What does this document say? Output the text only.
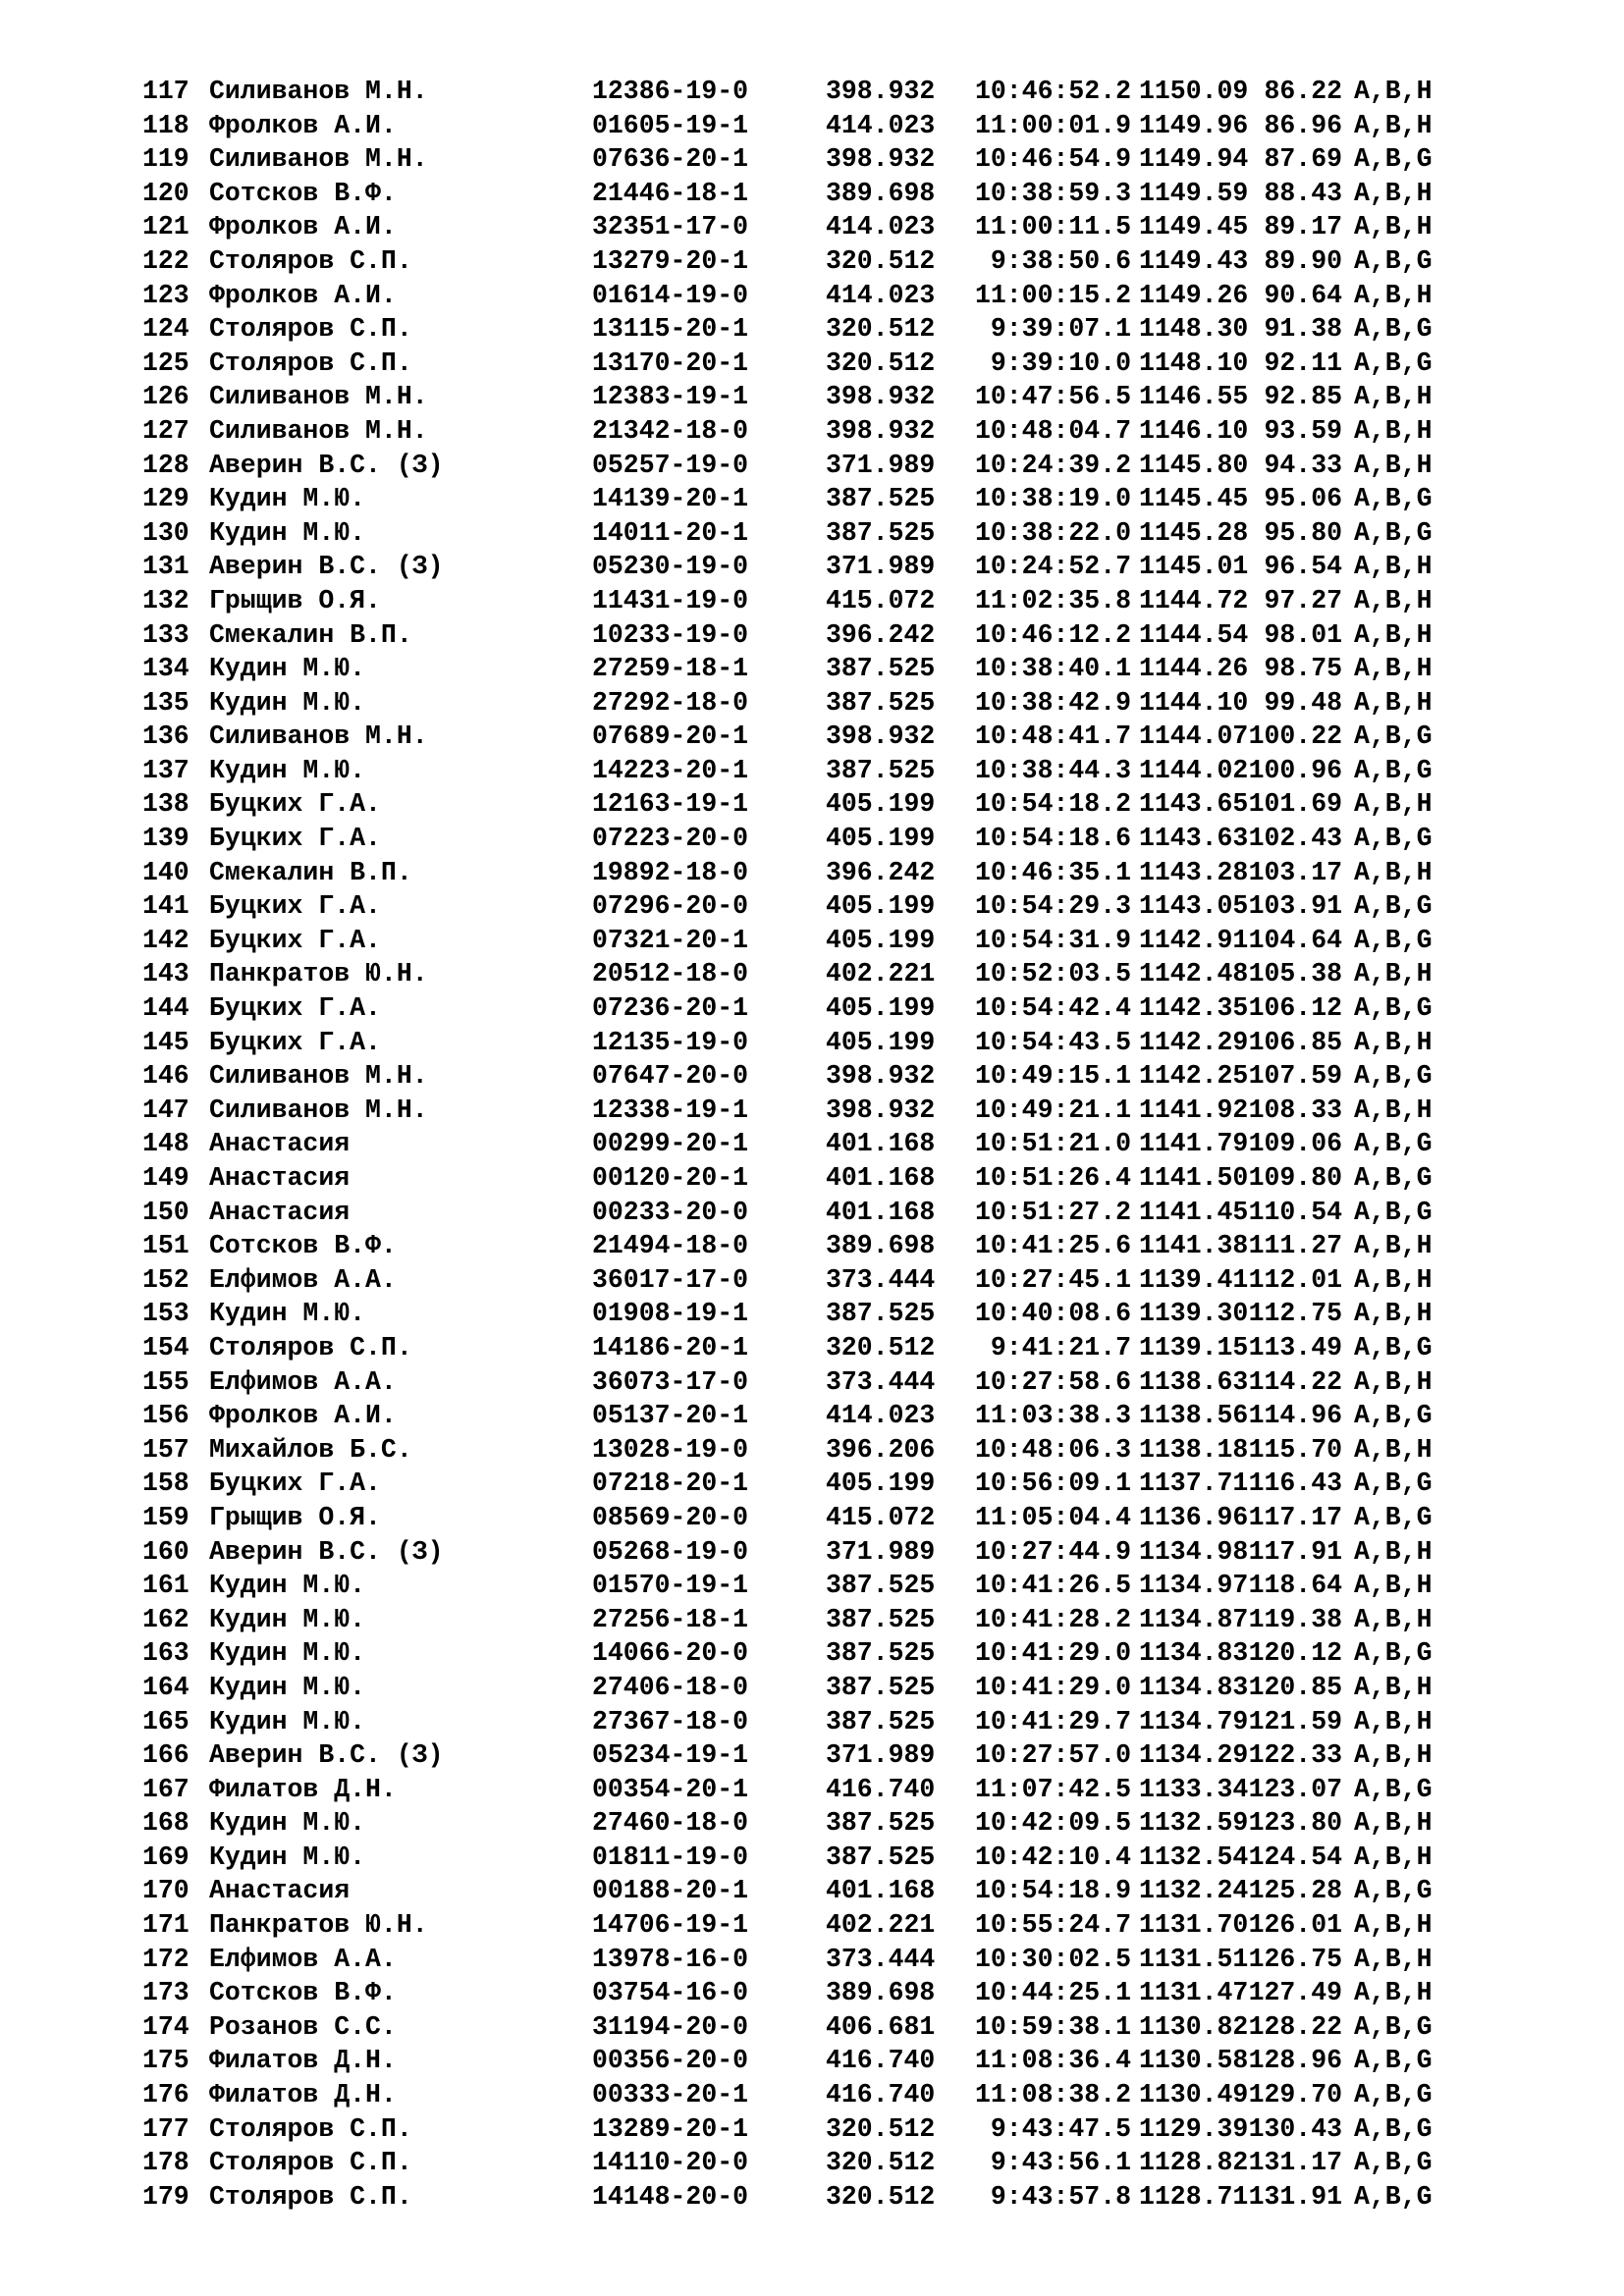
117 Силиванов М.Н.	12386-19-0	398.932	10:46:52.2 1150.09 86.22 A,B,H
118 Фролков А.И.	01605-19-1	414.023	11:00:01.9 1149.96 86.96 A,B,H
119 Силиванов М.Н.	07636-20-1	398.932	10:46:54.9 1149.94 87.69 A,B,G
120 Сотсков В.Ф.	21446-18-1	389.698	10:38:59.3 1149.59 88.43 A,B,H
121 Фролков А.И.	32351-17-0	414.023	11:00:11.5 1149.45 89.17 A,B,H
122 Столяров С.П.	13279-20-1	320.512	9:38:50.6 1149.43 89.90 A,B,G
123 Фролков А.И.	01614-19-0	414.023	11:00:15.2 1149.26 90.64 A,B,H
124 Столяров С.П.	13115-20-1	320.512	9:39:07.1 1148.30 91.38 A,B,G
125 Столяров С.П.	13170-20-1	320.512	9:39:10.0 1148.10 92.11 A,B,G
126 Силиванов М.Н.	12383-19-1	398.932	10:47:56.5 1146.55 92.85 A,B,H
127 Силиванов М.Н.	21342-18-0	398.932	10:48:04.7 1146.10 93.59 A,B,H
128 Аверин В.С. (З)	05257-19-0	371.989	10:24:39.2 1145.80 94.33 A,B,H
129 Кудин М.Ю.	14139-20-1	387.525	10:38:19.0 1145.45 95.06 A,B,G
130 Кудин М.Ю.	14011-20-1	387.525	10:38:22.0 1145.28 95.80 A,B,G
131 Аверин В.С. (З)	05230-19-0	371.989	10:24:52.7 1145.01 96.54 A,B,H
132 Грыщив О.Я.	11431-19-0	415.072	11:02:35.8 1144.72 97.27 A,B,H
133 Смекалин В.П.	10233-19-0	396.242	10:46:12.2 1144.54 98.01 A,B,H
134 Кудин М.Ю.	27259-18-1	387.525	10:38:40.1 1144.26 98.75 A,B,H
135 Кудин М.Ю.	27292-18-0	387.525	10:38:42.9 1144.10 99.48 A,B,H
136 Силиванов М.Н.	07689-20-1	398.932	10:48:41.7 1144.07 100.22 A,B,G
137 Кудин М.Ю.	14223-20-1	387.525	10:38:44.3 1144.02 100.96 A,B,G
138 Буцких Г.А.	12163-19-1	405.199	10:54:18.2 1143.65 101.69 A,B,H
139 Буцких Г.А.	07223-20-0	405.199	10:54:18.6 1143.63 102.43 A,B,G
140 Смекалин В.П.	19892-18-0	396.242	10:46:35.1 1143.28 103.17 A,B,H
141 Буцких Г.А.	07296-20-0	405.199	10:54:29.3 1143.05 103.91 A,B,G
142 Буцких Г.А.	07321-20-1	405.199	10:54:31.9 1142.91 104.64 A,B,G
143 Панкратов Ю.Н.	20512-18-0	402.221	10:52:03.5 1142.48 105.38 A,B,H
144 Буцких Г.А.	07236-20-1	405.199	10:54:42.4 1142.35 106.12 A,B,G
145 Буцких Г.А.	12135-19-0	405.199	10:54:43.5 1142.29 106.85 A,B,H
146 Силиванов М.Н.	07647-20-0	398.932	10:49:15.1 1142.25 107.59 A,B,G
147 Силиванов М.Н.	12338-19-1	398.932	10:49:21.1 1141.92 108.33 A,B,H
148 Анастасия	00299-20-1	401.168	10:51:21.0 1141.79 109.06 A,B,G
149 Анастасия	00120-20-1	401.168	10:51:26.4 1141.50 109.80 A,B,G
150 Анастасия	00233-20-0	401.168	10:51:27.2 1141.45 110.54 A,B,G
151 Сотсков В.Ф.	21494-18-0	389.698	10:41:25.6 1141.38 111.27 A,B,H
152 Елфимов А.А.	36017-17-0	373.444	10:27:45.1 1139.41 112.01 A,B,H
153 Кудин М.Ю.	01908-19-1	387.525	10:40:08.6 1139.30 112.75 A,B,H
154 Столяров С.П.	14186-20-1	320.512	9:41:21.7 1139.15 113.49 A,B,G
155 Елфимов А.А.	36073-17-0	373.444	10:27:58.6 1138.63 114.22 A,B,H
156 Фролков А.И.	05137-20-1	414.023	11:03:38.3 1138.56 114.96 A,B,G
157 Михайлов Б.С.	13028-19-0	396.206	10:48:06.3 1138.18 115.70 A,B,H
158 Буцких Г.А.	07218-20-1	405.199	10:56:09.1 1137.71 116.43 A,B,G
159 Грыщив О.Я.	08569-20-0	415.072	11:05:04.4 1136.96 117.17 A,B,G
160 Аверин В.С. (З)	05268-19-0	371.989	10:27:44.9 1134.98 117.91 A,B,H
161 Кудин М.Ю.	01570-19-1	387.525	10:41:26.5 1134.97 118.64 A,B,H
162 Кудин М.Ю.	27256-18-1	387.525	10:41:28.2 1134.87 119.38 A,B,H
163 Кудин М.Ю.	14066-20-0	387.525	10:41:29.0 1134.83 120.12 A,B,G
164 Кудин М.Ю.	27406-18-0	387.525	10:41:29.0 1134.83 120.85 A,B,H
165 Кудин М.Ю.	27367-18-0	387.525	10:41:29.7 1134.79 121.59 A,B,H
166 Аверин В.С. (З)	05234-19-1	371.989	10:27:57.0 1134.29 122.33 A,B,H
167 Филатов Д.Н.	00354-20-1	416.740	11:07:42.5 1133.34 123.07 A,B,G
168 Кудин М.Ю.	27460-18-0	387.525	10:42:09.5 1132.59 123.80 A,B,H
169 Кудин М.Ю.	01811-19-0	387.525	10:42:10.4 1132.54 124.54 A,B,H
170 Анастасия	00188-20-1	401.168	10:54:18.9 1132.24 125.28 A,B,G
171 Панкратов Ю.Н.	14706-19-1	402.221	10:55:24.7 1131.70 126.01 A,B,H
172 Елфимов А.А.	13978-16-0	373.444	10:30:02.5 1131.51 126.75 A,B,H
173 Сотсков В.Ф.	03754-16-0	389.698	10:44:25.1 1131.47 127.49 A,B,H
174 Розанов С.С.	31194-20-0	406.681	10:59:38.1 1130.82 128.22 A,B,G
175 Филатов Д.Н.	00356-20-0	416.740	11:08:36.4 1130.58 128.96 A,B,G
176 Филатов Д.Н.	00333-20-1	416.740	11:08:38.2 1130.49 129.70 A,B,G
177 Столяров С.П.	13289-20-1	320.512	9:43:47.5 1129.39 130.43 A,B,G
178 Столяров С.П.	14110-20-0	320.512	9:43:56.1 1128.82 131.17 A,B,G
179 Столяров С.П.	14148-20-0	320.512	9:43:57.8 1128.71 131.91 A,B,G
